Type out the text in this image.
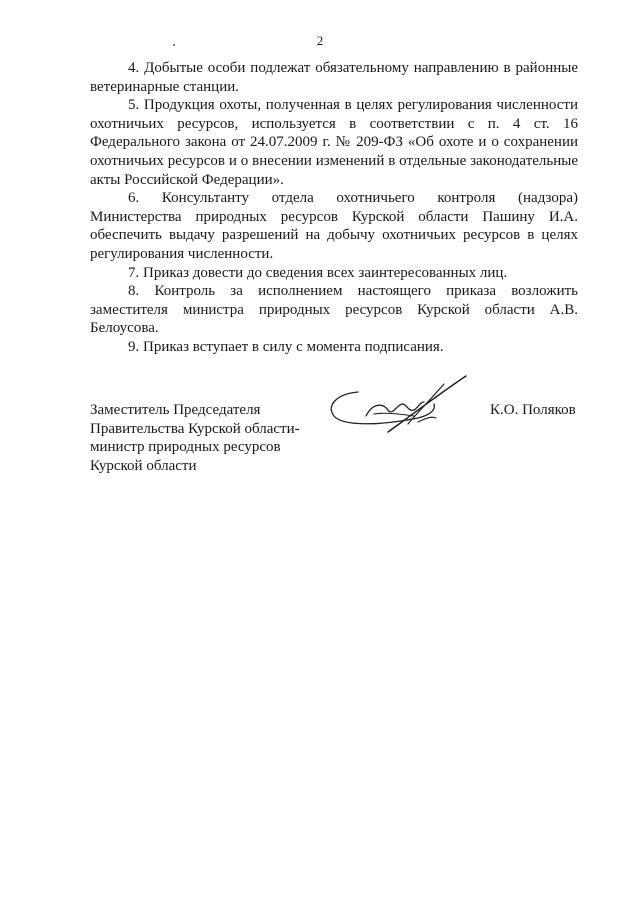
2

4. Добытые особи подлежат обязательному направлению в районные ветеринарные станции.

5. Продукция охоты, полученная в целях регулирования численности охотничьих ресурсов, используется в соответствии с п. 4 ст. 16 Федерального закона от 24.07.2009 г. № 209-ФЗ «Об охоте и о сохранении охотничьих ресурсов и о внесении изменений в отдельные законодательные акты Российской Федерации».

6. Консультанту отдела охотничьего контроля (надзора) Министерства природных ресурсов Курской области Пашину И.А. обеспечить выдачу разрешений на добычу охотничьих ресурсов в целях регулирования численности.

7. Приказ довести до сведения всех заинтересованных лиц.

8. Контроль за исполнением настоящего приказа возложить заместителя министра природных ресурсов Курской области А.В. Белоусова.

9. Приказ вступает в силу с момента подписания.

Заместитель Председателя
Правительства Курской области-
министр природных ресурсов
Курской области
К.О. Поляков
